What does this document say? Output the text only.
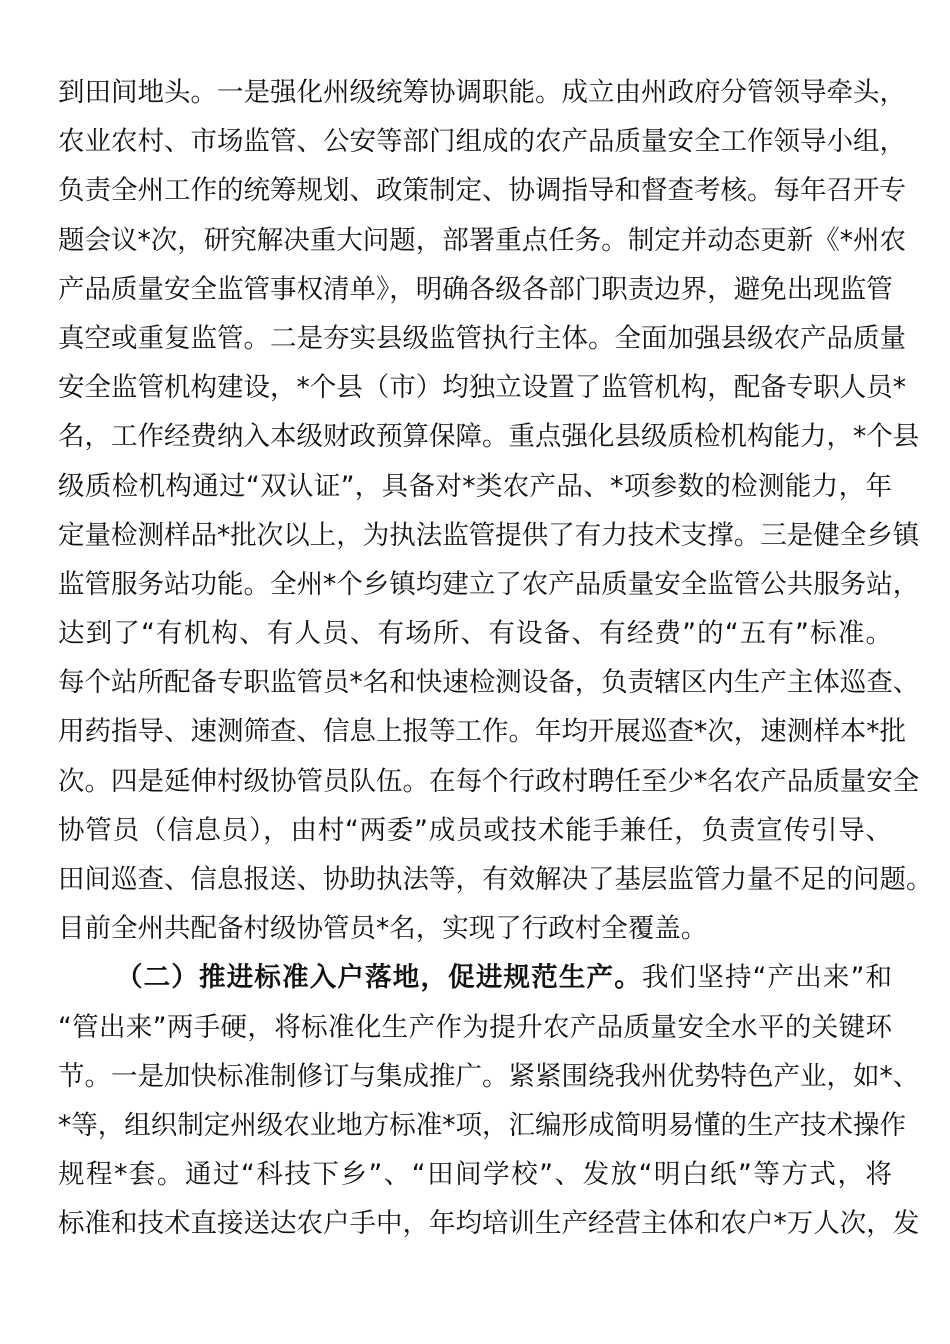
到田间地头。一是强化州级统筹协调职能。成立由州政府分管领导牵头，
农业农村、市场监管、公安等部门组成的农产品质量安全工作领导小组，
负责全州工作的统筹规划、政策制定、协调指导和督查考核。每年召开专
题会议*次，研究解决重大问题，部署重点任务。制定并动态更新《*州农
产品质量安全监管事权清单》，明确各级各部门职责边界，避免出现监管
真空或重复监管。二是夯实县级监管执行主体。全面加强县级农产品质量
安全监管机构建设，*个县（市）均独立设置了监管机构，配备专职人员*
名，工作经费纳入本级财政预算保障。重点强化县级质检机构能力，*个县
级质检机构通过“双认证”，具备对*类农产品、*项参数的检测能力，年
定量检测样品*批次以上，为执法监管提供了有力技术支撑。三是健全乡镇
监管服务站功能。全州*个乡镇均建立了农产品质量安全监管公共服务站，
达到了“有机构、有人员、有场所、有设备、有经费”的“五有”标准。
每个站所配备专职监管员*名和快速检测设备，负责辖区内生产主体巡查、
用药指导、速测筛查、信息上报等工作。年均开展巡查*次，速测样本*批
次。四是延伸村级协管员队伍。在每个行政村聘任至少*名农产品质量安全
协管员（信息员），由村“两委”成员或技术能手兼任，负责宣传引导、
田间巡查、信息报送、协助执法等，有效解决了基层监管力量不足的问题。
目前全州共配备村级协管员*名，实现了行政村全覆盖。
（二）推进标准入户落地，促进规范生产。我们坚持“产出来”和
“管出来”两手硬，将标准化生产作为提升农产品质量安全水平的关键环
节。一是加快标准制修订与集成推广。紧紧围绕我州优势特色产业，如*、
*等，组织制定州级农业地方标准*项，汇编形成简明易懂的生产技术操作
规程*套。通过“科技下乡”、“田间学校”、发放“明白纸”等方式，将
标准和技术直接送达农户手中，年均培训生产经营主体和农户*万人次，发
